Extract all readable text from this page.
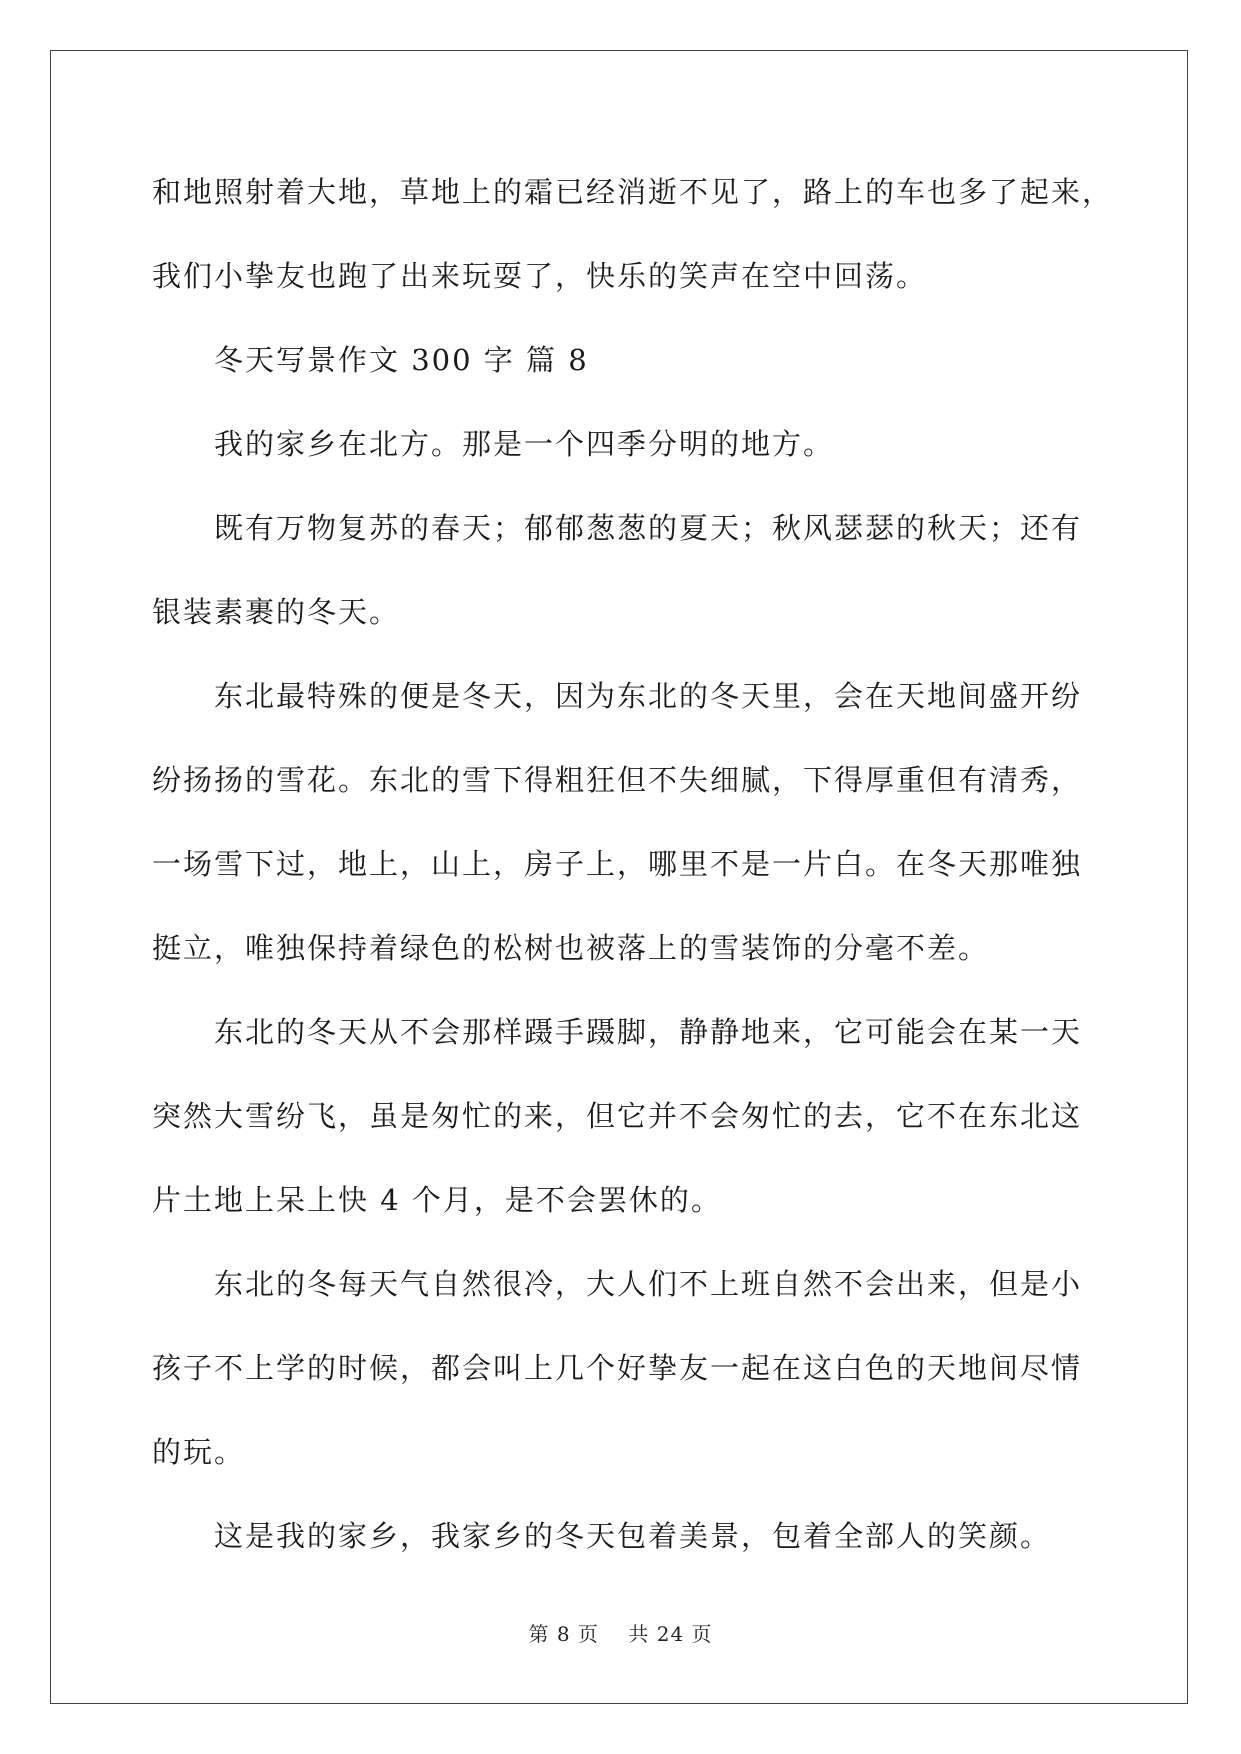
和地照射着大地，草地上的霜已经消逝不见了，路上的车也多了起来，
我们小挚友也跑了出来玩耍了，快乐的笑声在空中回荡。
冬天写景作文 300 字 篇 8
我的家乡在北方。那是一个四季分明的地方。
既有万物复苏的春天；郁郁葱葱的夏天；秋风瑟瑟的秋天；还有
银装素裹的冬天。
东北最特殊的便是冬天，因为东北的冬天里，会在天地间盛开纷
纷扬扬的雪花。东北的雪下得粗狂但不失细腻，下得厚重但有清秀，
一场雪下过，地上，山上，房子上，哪里不是一片白。在冬天那唯独
挺立，唯独保持着绿色的松树也被落上的雪装饰的分毫不差。
东北的冬天从不会那样蹑手蹑脚，静静地来，它可能会在某一天
突然大雪纷飞，虽是匆忙的来，但它并不会匆忙的去，它不在东北这
片土地上呆上快 4 个月，是不会罢休的。
东北的冬每天气自然很冷，大人们不上班自然不会出来，但是小
孩子不上学的时候，都会叫上几个好挚友一起在这白色的天地间尽情
的玩。
这是我的家乡，我家乡的冬天包着美景，包着全部人的笑颜。
第 8 页 共 24 页
